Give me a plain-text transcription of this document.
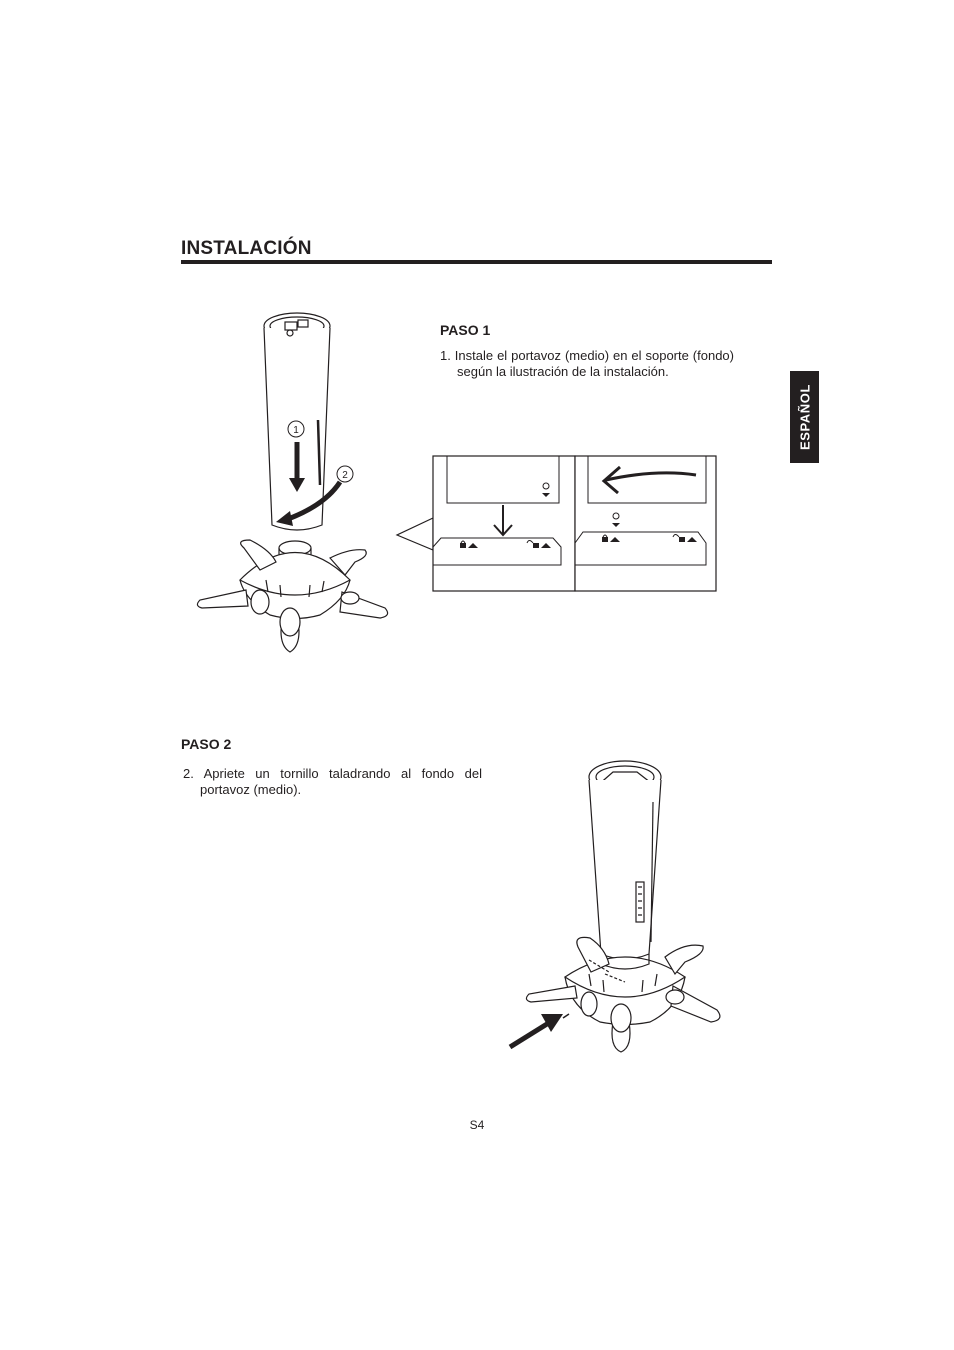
INSTALACIÓN
ESPAÑOL
1
2
PASO 1
1. Instale el portavoz (medio) en el soporte (fondo) según la ilustración de la instalación.
PASO 2
2. Apriete un tornillo taladrando al fondo del portavoz (medio).
S4
